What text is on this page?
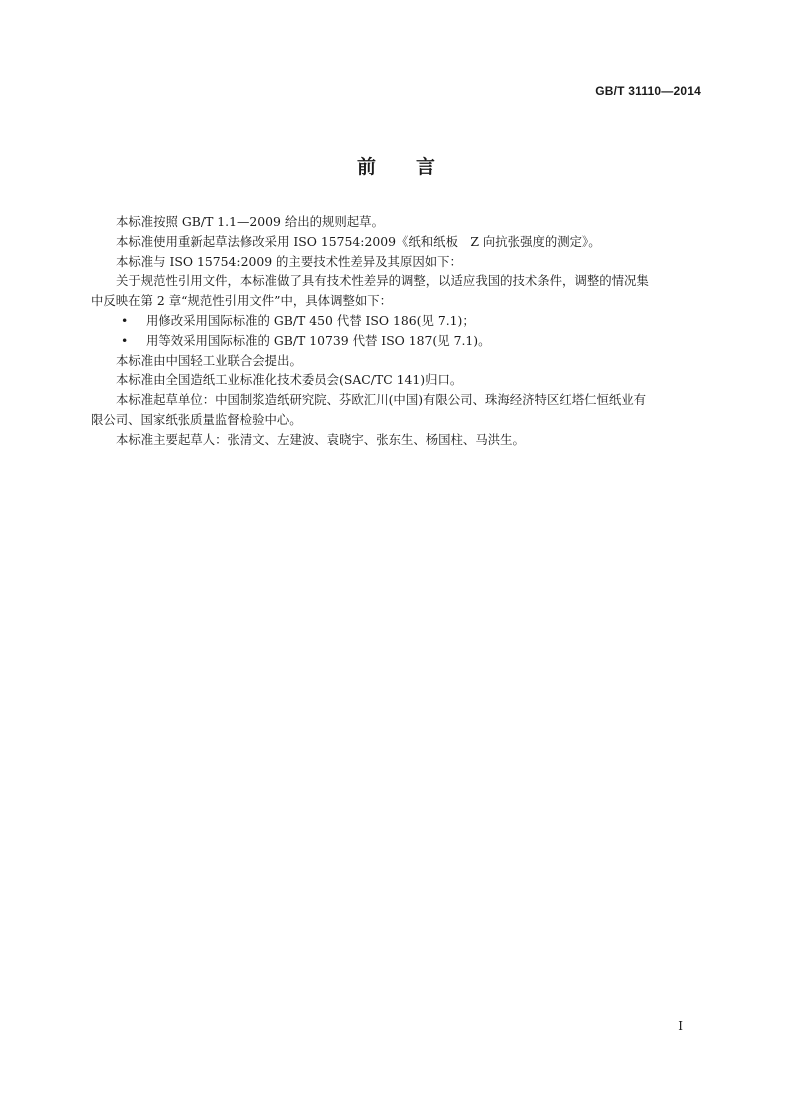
GB/T 31110—2014
前言

本标准按照 GB/T 1.1—2009 给出的规则起草。

本标准使用重新起草法修改采用 ISO 15754:2009《纸和纸板　Z 向抗张强度的测定》。

本标准与 ISO 15754:2009 的主要技术性差异及其原因如下：

关于规范性引用文件，本标准做了具有技术性差异的调整，以适应我国的技术条件，调整的情况集

中反映在第 2 章“规范性引用文件”中，具体调整如下：

•	用修改采用国际标准的 GB/T 450 代替 ISO 186(见 7.1)；
•	用等效采用国际标准的 GB/T 10739 代替 ISO 187(见 7.1)。

本标准由中国轻工业联合会提出。

本标准由全国造纸工业标准化技术委员会(SAC/TC 141)归口。

本标准起草单位：中国制浆造纸研究院、芬欧汇川(中国)有限公司、珠海经济特区红塔仁恒纸业有

限公司、国家纸张质量监督检验中心。

本标准主要起草人：张清文、左建波、袁晓宇、张东生、杨国柱、马洪生。

I
